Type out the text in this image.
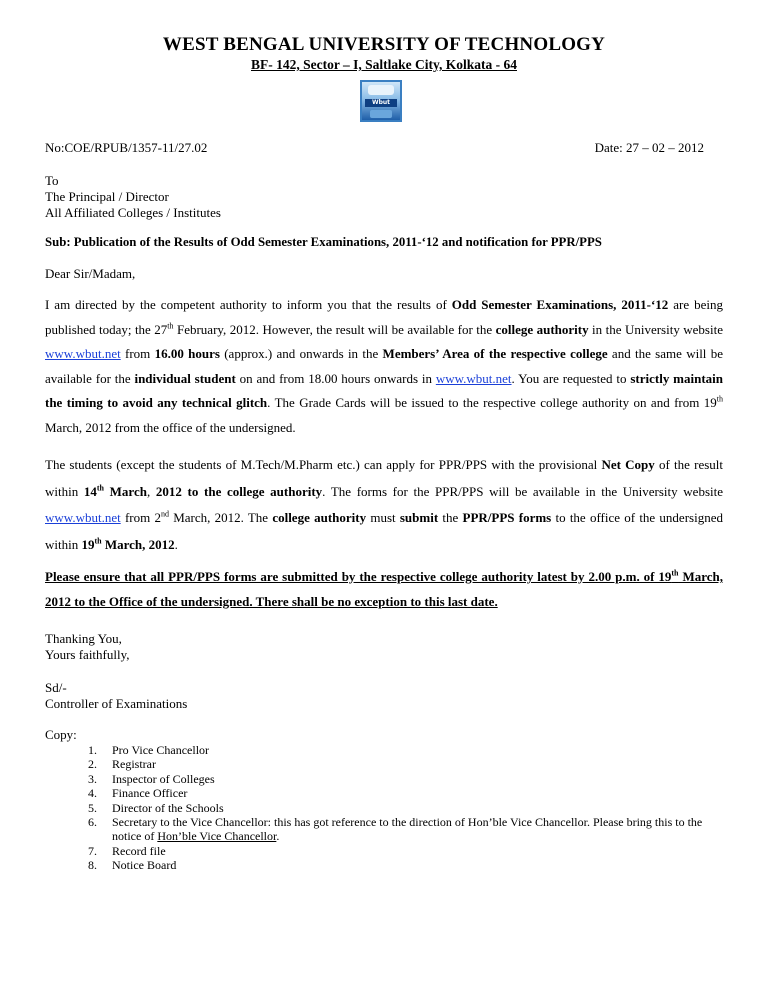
WEST BENGAL UNIVERSITY OF TECHNOLOGY
BF- 142, Sector – I, Saltlake City, Kolkata - 64
Wbut
No:COE/RPUB/1357-11/27.02	Date: 27 – 02 – 2012
To
The Principal / Director
All Affiliated Colleges / Institutes
Sub: Publication of the Results of Odd Semester Examinations, 2011-‘12 and notification for PPR/PPS
Dear Sir/Madam,
I am directed by the competent authority to inform you that the results of Odd Semester Examinations, 2011-‘12 are being published today; the 27th February, 2012. However, the result will be available for the college authority in the University website www.wbut.net from 16.00 hours (approx.) and onwards in the Members’ Area of the respective college and the same will be available for the individual student on and from 18.00 hours onwards in www.wbut.net. You are requested to strictly maintain the timing to avoid any technical glitch. The Grade Cards will be issued to the respective college authority on and from 19th March, 2012 from the office of the undersigned.
The students (except the students of M.Tech/M.Pharm etc.) can apply for PPR/PPS with the provisional Net Copy of the result within 14th March, 2012 to the college authority. The forms for the PPR/PPS will be available in the University website www.wbut.net from 2nd March, 2012. The college authority must submit the PPR/PPS forms to the office of the undersigned within 19th March, 2012.
Please ensure that all PPR/PPS forms are submitted by the respective college authority latest by 2.00 p.m. of 19th March, 2012 to the Office of the undersigned. There shall be no exception to this last date.
Thanking You,
Yours faithfully,
Sd/-
Controller of Examinations
Copy:
1. Pro Vice Chancellor
2. Registrar
3. Inspector of Colleges
4. Finance Officer
5. Director of the Schools
6. Secretary to the Vice Chancellor: this has got reference to the direction of Hon’ble Vice Chancellor. Please bring this to the notice of Hon’ble Vice Chancellor.
7. Record file
8. Notice Board
